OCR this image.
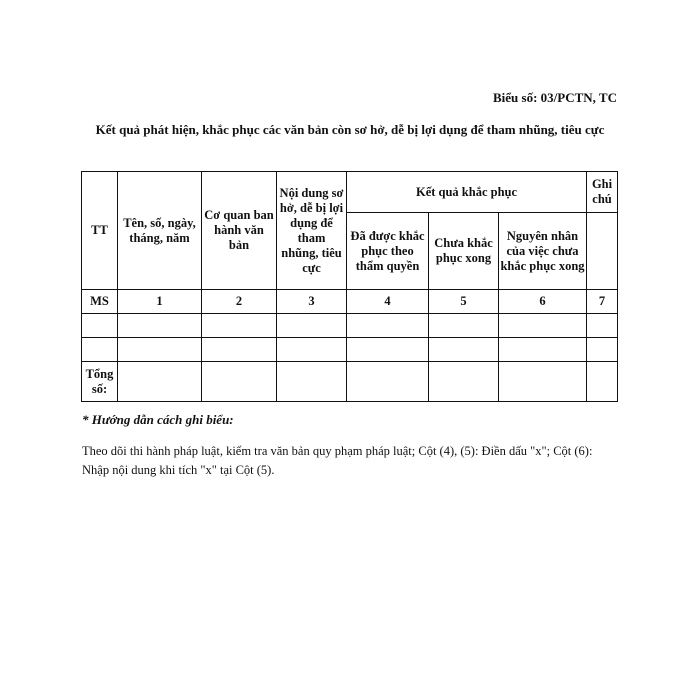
Biểu số: 03/PCTN, TC
Kết quả phát hiện, khắc phục các văn bản còn sơ hở, dễ bị lợi dụng để tham nhũng, tiêu cực
TT	Tên, số, ngày, tháng, năm	Cơ quan ban hành văn bản	Nội dung sơ hở, dễ bị lợi dụng để tham nhũng, tiêu cực	Kết quả khắc phục			Ghi chú
				Đã được khắc phục theo thẩm quyền	Chưa khắc phục xong	Nguyên nhân của việc chưa khắc phục xong	
MS	1	2	3	4	5	6	7

Tổng số:							
* Hướng dẫn cách ghi biểu:
Theo dõi thi hành pháp luật, kiểm tra văn bản quy phạm pháp luật; Cột (4), (5): Điền dấu "x"; Cột (6): Nhập nội dung khi tích "x" tại Cột (5).
